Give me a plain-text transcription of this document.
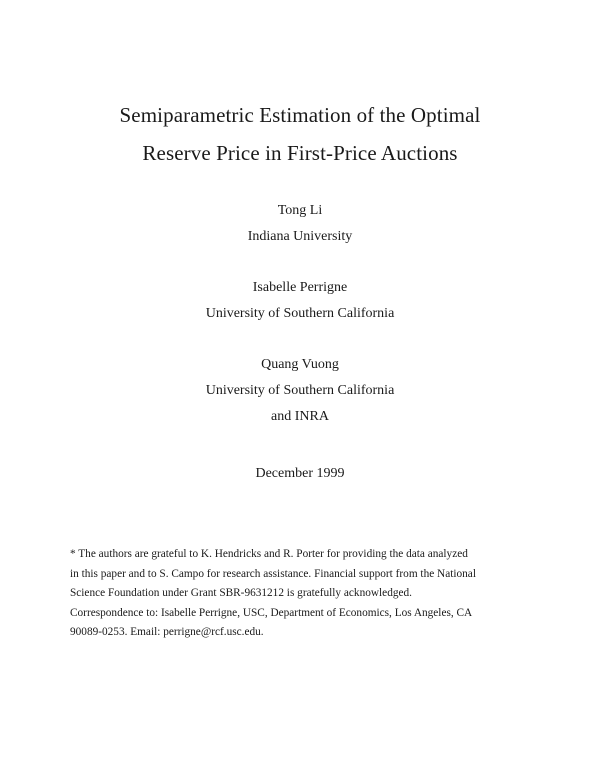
Semiparametric Estimation of the Optimal
Reserve Price in First-Price Auctions
Tong Li
Indiana University
Isabelle Perrigne
University of Southern California
Quang Vuong
University of Southern California
and INRA
December 1999
* The authors are grateful to K. Hendricks and R. Porter for providing the data analyzed
in this paper and to S. Campo for research assistance. Financial support from the National
Science Foundation under Grant SBR-9631212 is gratefully acknowledged.
Correspondence to: Isabelle Perrigne, USC, Department of Economics, Los Angeles, CA
90089-0253. Email: perrigne@rcf.usc.edu.
